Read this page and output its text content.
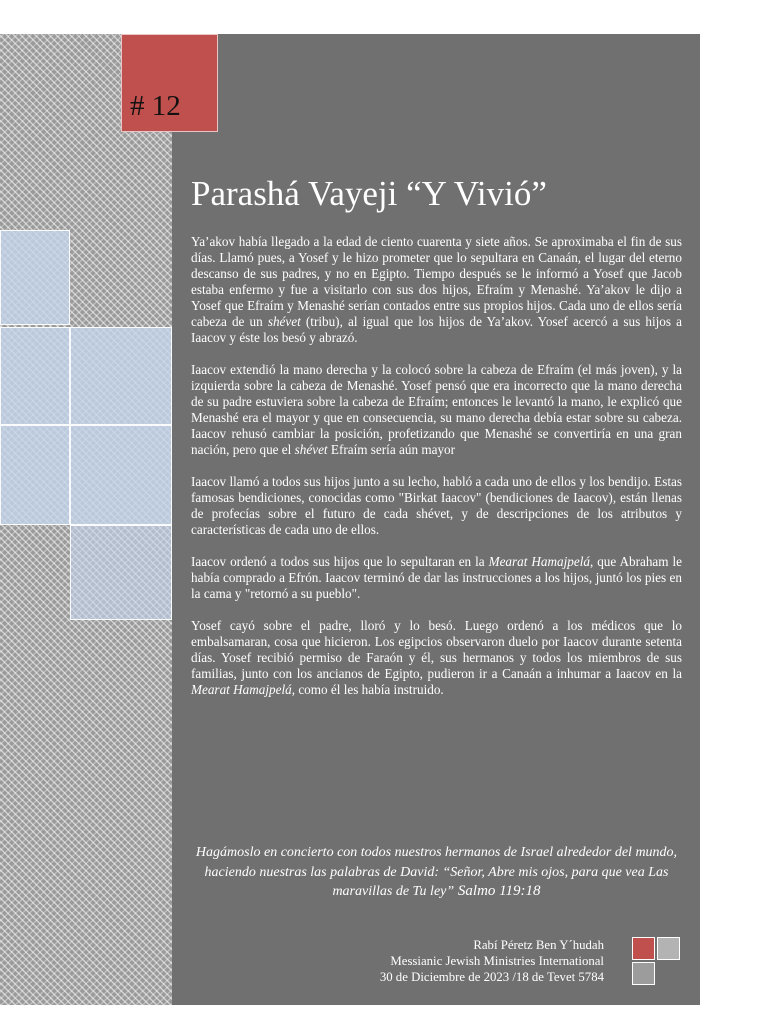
# 12
Parashá Vayeji “Y Vivió”

Ya’akov había llegado a la edad de ciento cuarenta y siete años. Se aproximaba el fin de sus días. Llamó pues, a Yosef y le hizo prometer que lo sepultara en Canaán, el lugar del eterno descanso de sus padres, y no en Egipto. Tiempo después se le informó a Yosef que Jacob estaba enfermo y fue a visitarlo con sus dos hijos, Efraím y Menashé. Ya’akov le dijo a Yosef que Efraím y Menashé serían contados entre sus propios hijos. Cada uno de ellos sería cabeza de un shévet (tribu), al igual que los hijos de Ya’akov. Yosef acercó a sus hijos a Iaacov y éste los besó y abrazó.

Iaacov extendió la mano derecha y la colocó sobre la cabeza de Efraím (el más joven), y la izquierda sobre la cabeza de Menashé. Yosef pensó que era incorrecto que la mano derecha de su padre estuviera sobre la cabeza de Efraím; entonces le levantó la mano, le explicó que Menashé era el mayor y que en consecuencia, su mano derecha debía estar sobre su cabeza. Iaacov rehusó cambiar la posición, profetizando que Menashé se convertiría en una gran nación, pero que el shévet Efraím sería aún mayor

Iaacov llamó a todos sus hijos junto a su lecho, habló a cada uno de ellos y los bendijo. Estas famosas bendiciones, conocidas como "Birkat Iaacov" (bendiciones de Iaacov), están llenas de profecías sobre el futuro de cada shévet, y de descripciones de los atributos y características de cada uno de ellos.

Iaacov ordenó a todos sus hijos que lo sepultaran en la Mearat Hamajpelá, que Abraham le había comprado a Efrón. Iaacov terminó de dar las instrucciones a los hijos, juntó los pies en la cama y "retornó a su pueblo".

Yosef cayó sobre el padre, lloró y lo besó. Luego ordenó a los médicos que lo embalsamaran, cosa que hicieron. Los egipcios observaron duelo por Iaacov durante setenta días. Yosef recibió permiso de Faraón y él, sus hermanos y todos los miembros de sus familias, junto con los ancianos de Egipto, pudieron ir a Canaán a inhumar a Iaacov en la Mearat Hamajpelá, como él les había instruido.

Hagámoslo en concierto con todos nuestros hermanos de Israel alrededor del mundo, haciendo nuestras las palabras de David: “Señor, Abre mis ojos, para que vea Las maravillas de Tu ley” Salmo 119:18
Rabí Péretz Ben Y´hudah
Messianic Jewish Ministries International
30 de Diciembre de 2023 /18 de Tevet 5784
